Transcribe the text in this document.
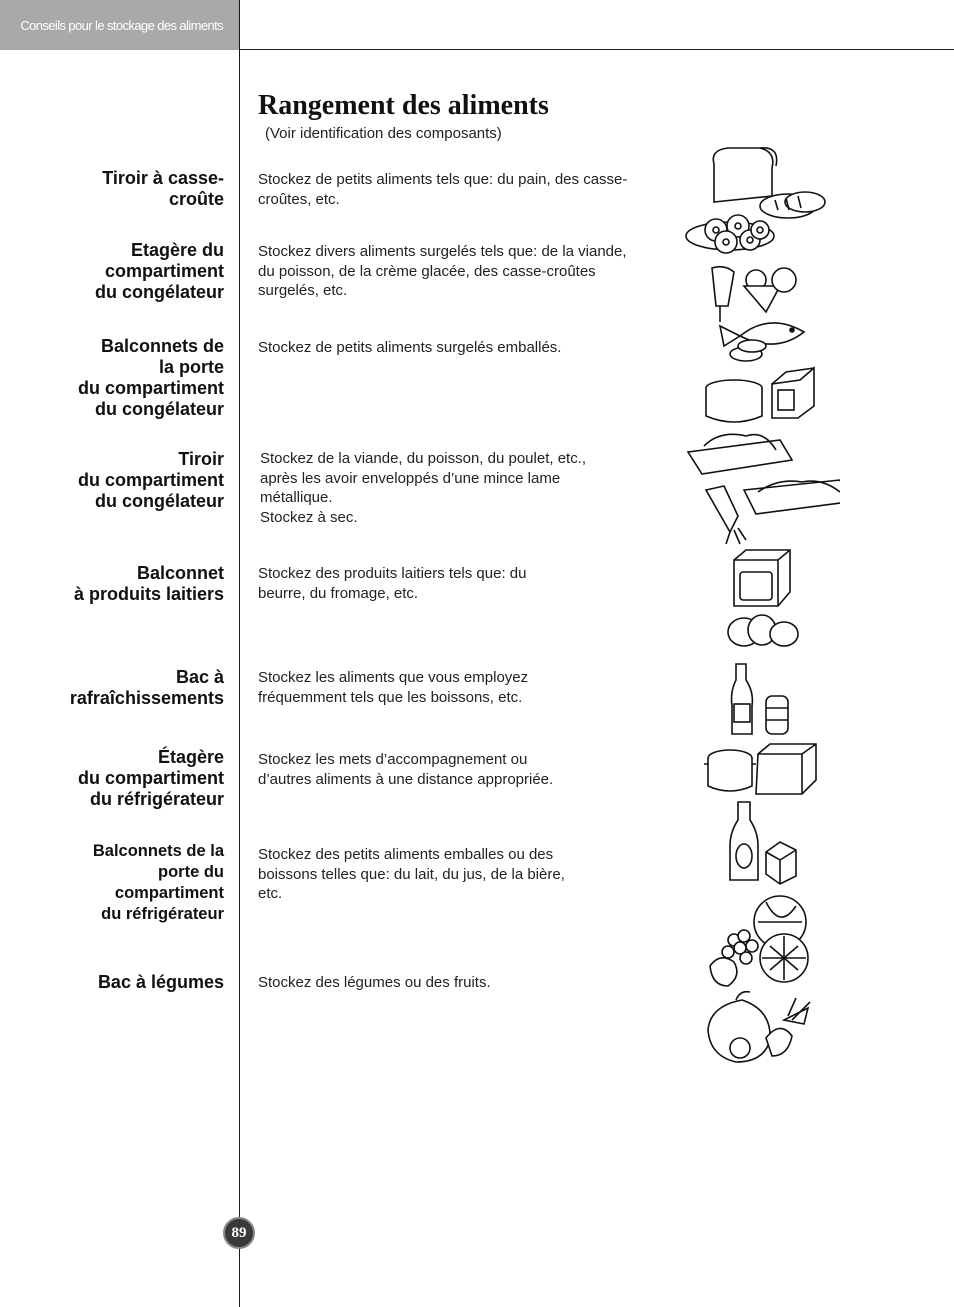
Conseils pour le stockage des aliments
Rangement des aliments
(Voir identification des composants)
Tiroir à casse-
croûte
Etagère du
compartiment
du congélateur
Balconnets de
la porte
du compartiment
du congélateur
Tiroir
du compartiment
du congélateur
Balconnet
à produits laitiers
Bac à
rafraîchissements
Étagère
du compartiment
du réfrigérateur
Balconnets de la
porte du
compartiment
du réfrigérateur
Bac à légumes
Stockez de petits aliments tels que: du pain, des casse-
croûtes, etc.
Stockez divers aliments surgelés tels que: de la viande,
du poisson, de la crème glacée, des casse-croûtes
surgelés, etc.
Stockez de petits aliments surgelés emballés.
Stockez de la viande, du poisson, du poulet, etc.,
après les avoir enveloppés d’une mince lame
métallique.
Stockez à sec.
Stockez des produits laitiers tels que: du
beurre, du fromage, etc.
Stockez les aliments que vous employez
fréquemment tels que les boissons, etc.
Stockez les mets d’accompagnement ou
d’autres aliments à une distance appropriée.
Stockez des petits aliments emballes ou des
boissons telles que: du lait, du jus, de la bière,
etc.
Stockez des légumes ou des fruits.
89
